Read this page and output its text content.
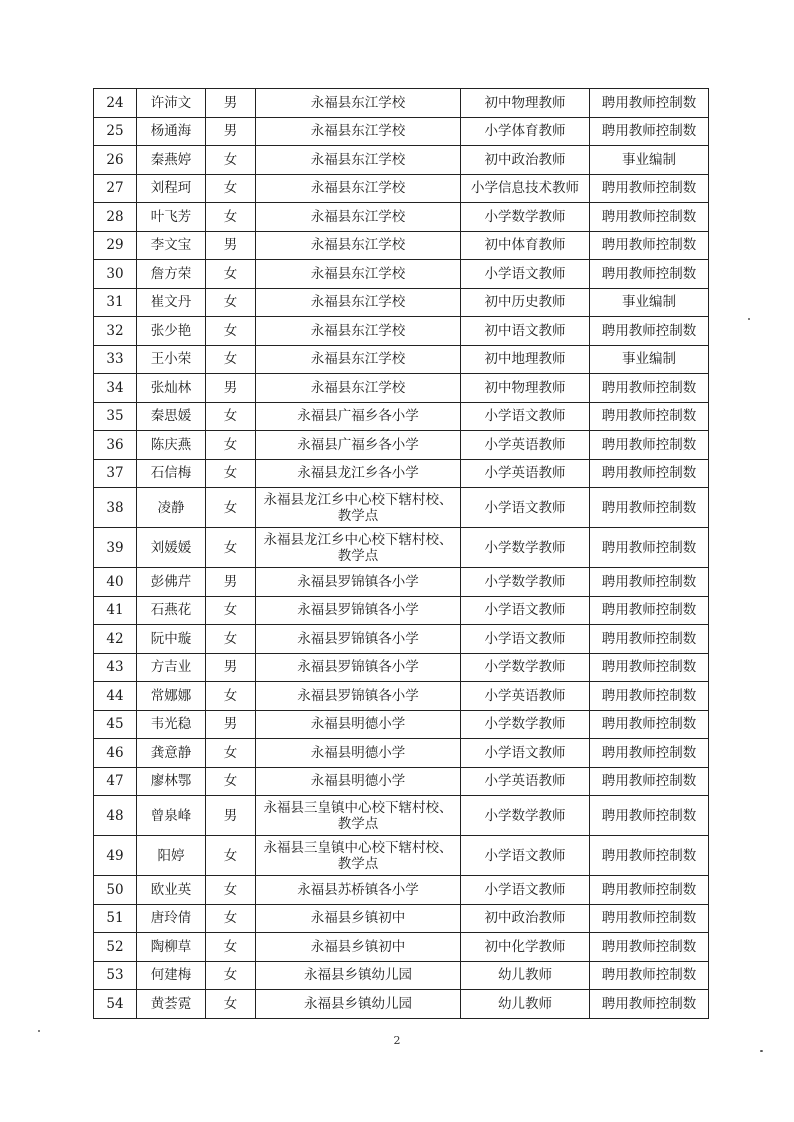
24	许沛文	男	永福县东江学校	初中物理教师	聘用教师控制数
25	杨通海	男	永福县东江学校	小学体育教师	聘用教师控制数
26	秦燕婷	女	永福县东江学校	初中政治教师	事业编制
27	刘程珂	女	永福县东江学校	小学信息技术教师	聘用教师控制数
28	叶飞芳	女	永福县东江学校	小学数学教师	聘用教师控制数
29	李文宝	男	永福县东江学校	初中体育教师	聘用教师控制数
30	詹方荣	女	永福县东江学校	小学语文教师	聘用教师控制数
31	崔文丹	女	永福县东江学校	初中历史教师	事业编制
32	张少艳	女	永福县东江学校	初中语文教师	聘用教师控制数
33	王小荣	女	永福县东江学校	初中地理教师	事业编制
34	张灿林	男	永福县东江学校	初中物理教师	聘用教师控制数
35	秦思媛	女	永福县广福乡各小学	小学语文教师	聘用教师控制数
36	陈庆燕	女	永福县广福乡各小学	小学英语教师	聘用教师控制数
37	石信梅	女	永福县龙江乡各小学	小学英语教师	聘用教师控制数
38	凌静	女	永福县龙江乡中心校下辖村校、教学点	小学语文教师	聘用教师控制数
39	刘媛媛	女	永福县龙江乡中心校下辖村校、教学点	小学数学教师	聘用教师控制数
40	彭佛芹	男	永福县罗锦镇各小学	小学数学教师	聘用教师控制数
41	石燕花	女	永福县罗锦镇各小学	小学语文教师	聘用教师控制数
42	阮中璇	女	永福县罗锦镇各小学	小学语文教师	聘用教师控制数
43	方吉业	男	永福县罗锦镇各小学	小学数学教师	聘用教师控制数
44	常娜娜	女	永福县罗锦镇各小学	小学英语教师	聘用教师控制数
45	韦光稳	男	永福县明德小学	小学数学教师	聘用教师控制数
46	龚意静	女	永福县明德小学	小学语文教师	聘用教师控制数
47	廖林鄂	女	永福县明德小学	小学英语教师	聘用教师控制数
48	曾泉峰	男	永福县三皇镇中心校下辖村校、教学点	小学数学教师	聘用教师控制数
49	阳婷	女	永福县三皇镇中心校下辖村校、教学点	小学语文教师	聘用教师控制数
50	欧业英	女	永福县苏桥镇各小学	小学语文教师	聘用教师控制数
51	唐玲倩	女	永福县乡镇初中	初中政治教师	聘用教师控制数
52	陶柳草	女	永福县乡镇初中	初中化学教师	聘用教师控制数
53	何建梅	女	永福县乡镇幼儿园	幼儿教师	聘用教师控制数
54	黄荟霓	女	永福县乡镇幼儿园	幼儿教师	聘用教师控制数
2
